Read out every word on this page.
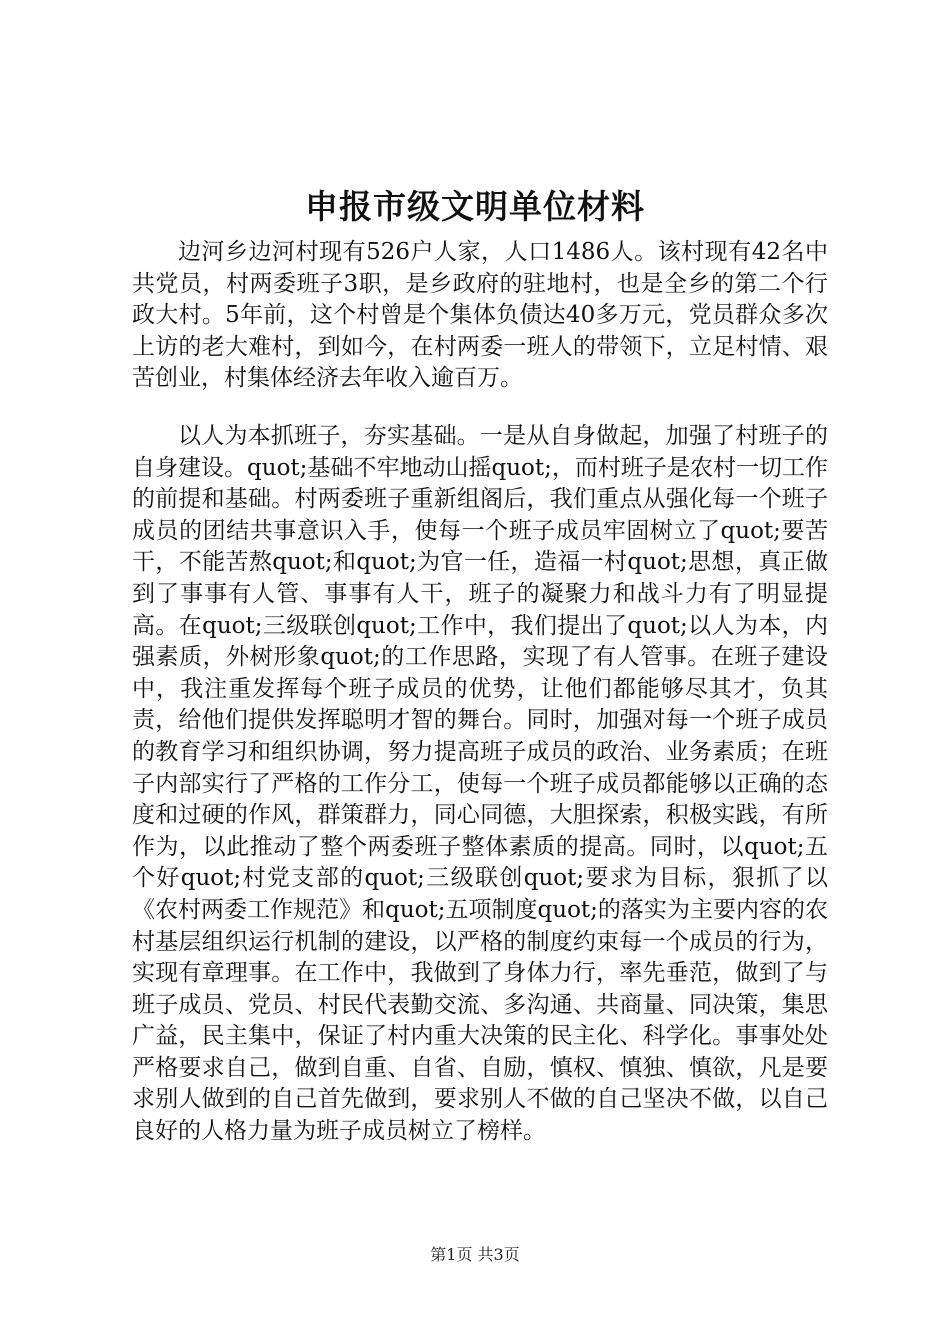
申报市级文明单位材料

边河乡边河村现有526户人家，人口1486人。该村现有42名中共党员，村两委班子3职，是乡政府的驻地村，也是全乡的第二个行政大村。5年前，这个村曾是个集体负债达40多万元，党员群众多次上访的老大难村，到如今，在村两委一班人的带领下，立足村情、艰苦创业，村集体经济去年收入逾百万。

以人为本抓班子，夯实基础。一是从自身做起，加强了村班子的自身建设。quot;基础不牢地动山摇quot;，而村班子是农村一切工作的前提和基础。村两委班子重新组阁后，我们重点从强化每一个班子成员的团结共事意识入手，使每一个班子成员牢固树立了quot;要苦干，不能苦熬quot;和quot;为官一任，造福一村quot;思想，真正做到了事事有人管、事事有人干，班子的凝聚力和战斗力有了明显提高。在quot;三级联创quot;工作中，我们提出了quot;以人为本，内强素质，外树形象quot;的工作思路，实现了有人管事。在班子建设中，我注重发挥每个班子成员的优势，让他们都能够尽其才，负其责，给他们提供发挥聪明才智的舞台。同时，加强对每一个班子成员的教育学习和组织协调，努力提高班子成员的政治、业务素质；在班子内部实行了严格的工作分工，使每一个班子成员都能够以正确的态度和过硬的作风，群策群力，同心同德，大胆探索，积极实践，有所作为，以此推动了整个两委班子整体素质的提高。同时，以quot;五个好quot;村党支部的quot;三级联创quot;要求为目标，狠抓了以《农村两委工作规范》和quot;五项制度quot;的落实为主要内容的农村基层组织运行机制的建设，以严格的制度约束每一个成员的行为，实现有章理事。在工作中，我做到了身体力行，率先垂范，做到了与班子成员、党员、村民代表勤交流、多沟通、共商量、同决策，集思广益，民主集中，保证了村内重大决策的民主化、科学化。事事处处严格要求自己，做到自重、自省、自励，慎权、慎独、慎欲，凡是要求别人做到的自己首先做到，要求别人不做的自己坚决不做，以自己良好的人格力量为班子成员树立了榜样。

第1页 共3页
